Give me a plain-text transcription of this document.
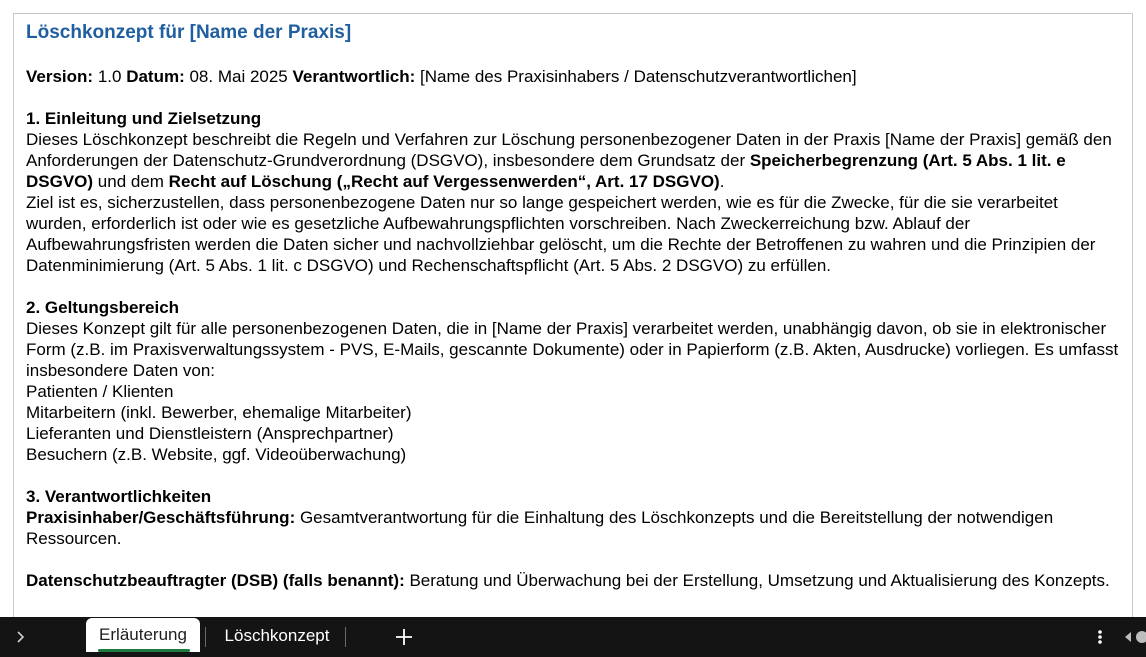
Löschkonzept für [Name der Praxis]

Version: 1.0 Datum: 08. Mai 2025 Verantwortlich: [Name des Praxisinhabers / Datenschutzverantwortlichen]

1. Einleitung und Zielsetzung

Dieses Löschkonzept beschreibt die Regeln und Verfahren zur Löschung personenbezogener Daten in der Praxis [Name der Praxis] gemäß den Anforderungen der Datenschutz-Grundverordnung (DSGVO), insbesondere dem Grundsatz der Speicherbegrenzung (Art. 5 Abs. 1 lit. e DSGVO) und dem Recht auf Löschung („Recht auf Vergessenwerden“, Art. 17 DSGVO).

Ziel ist es, sicherzustellen, dass personenbezogene Daten nur so lange gespeichert werden, wie es für die Zwecke, für die sie verarbeitet wurden, erforderlich ist oder wie es gesetzliche Aufbewahrungspflichten vorschreiben. Nach Zweckerreichung bzw. Ablauf der Aufbewahrungsfristen werden die Daten sicher und nachvollziehbar gelöscht, um die Rechte der Betroffenen zu wahren und die Prinzipien der Datenminimierung (Art. 5 Abs. 1 lit. c DSGVO) und Rechenschaftspflicht (Art. 5 Abs. 2 DSGVO) zu erfüllen.

2. Geltungsbereich

Dieses Konzept gilt für alle personenbezogenen Daten, die in [Name der Praxis] verarbeitet werden, unabhängig davon, ob sie in elektronischer Form (z.B. im Praxisverwaltungssystem - PVS, E-Mails, gescannte Dokumente) oder in Papierform (z.B. Akten, Ausdrucke) vorliegen. Es umfasst insbesondere Daten von:

Patienten / Klienten

Mitarbeitern (inkl. Bewerber, ehemalige Mitarbeiter)

Lieferanten und Dienstleistern (Ansprechpartner)

Besuchern (z.B. Website, ggf. Videoüberwachung)

3. Verantwortlichkeiten

Praxisinhaber/Geschäftsführung: Gesamtverantwortung für die Einhaltung des Löschkonzepts und die Bereitstellung der notwendigen Ressourcen.

Datenschutzbeauftragter (DSB) (falls benannt): Beratung und Überwachung bei der Erstellung, Umsetzung und Aktualisierung des Konzepts.

Erläuterung	Löschkonzept
